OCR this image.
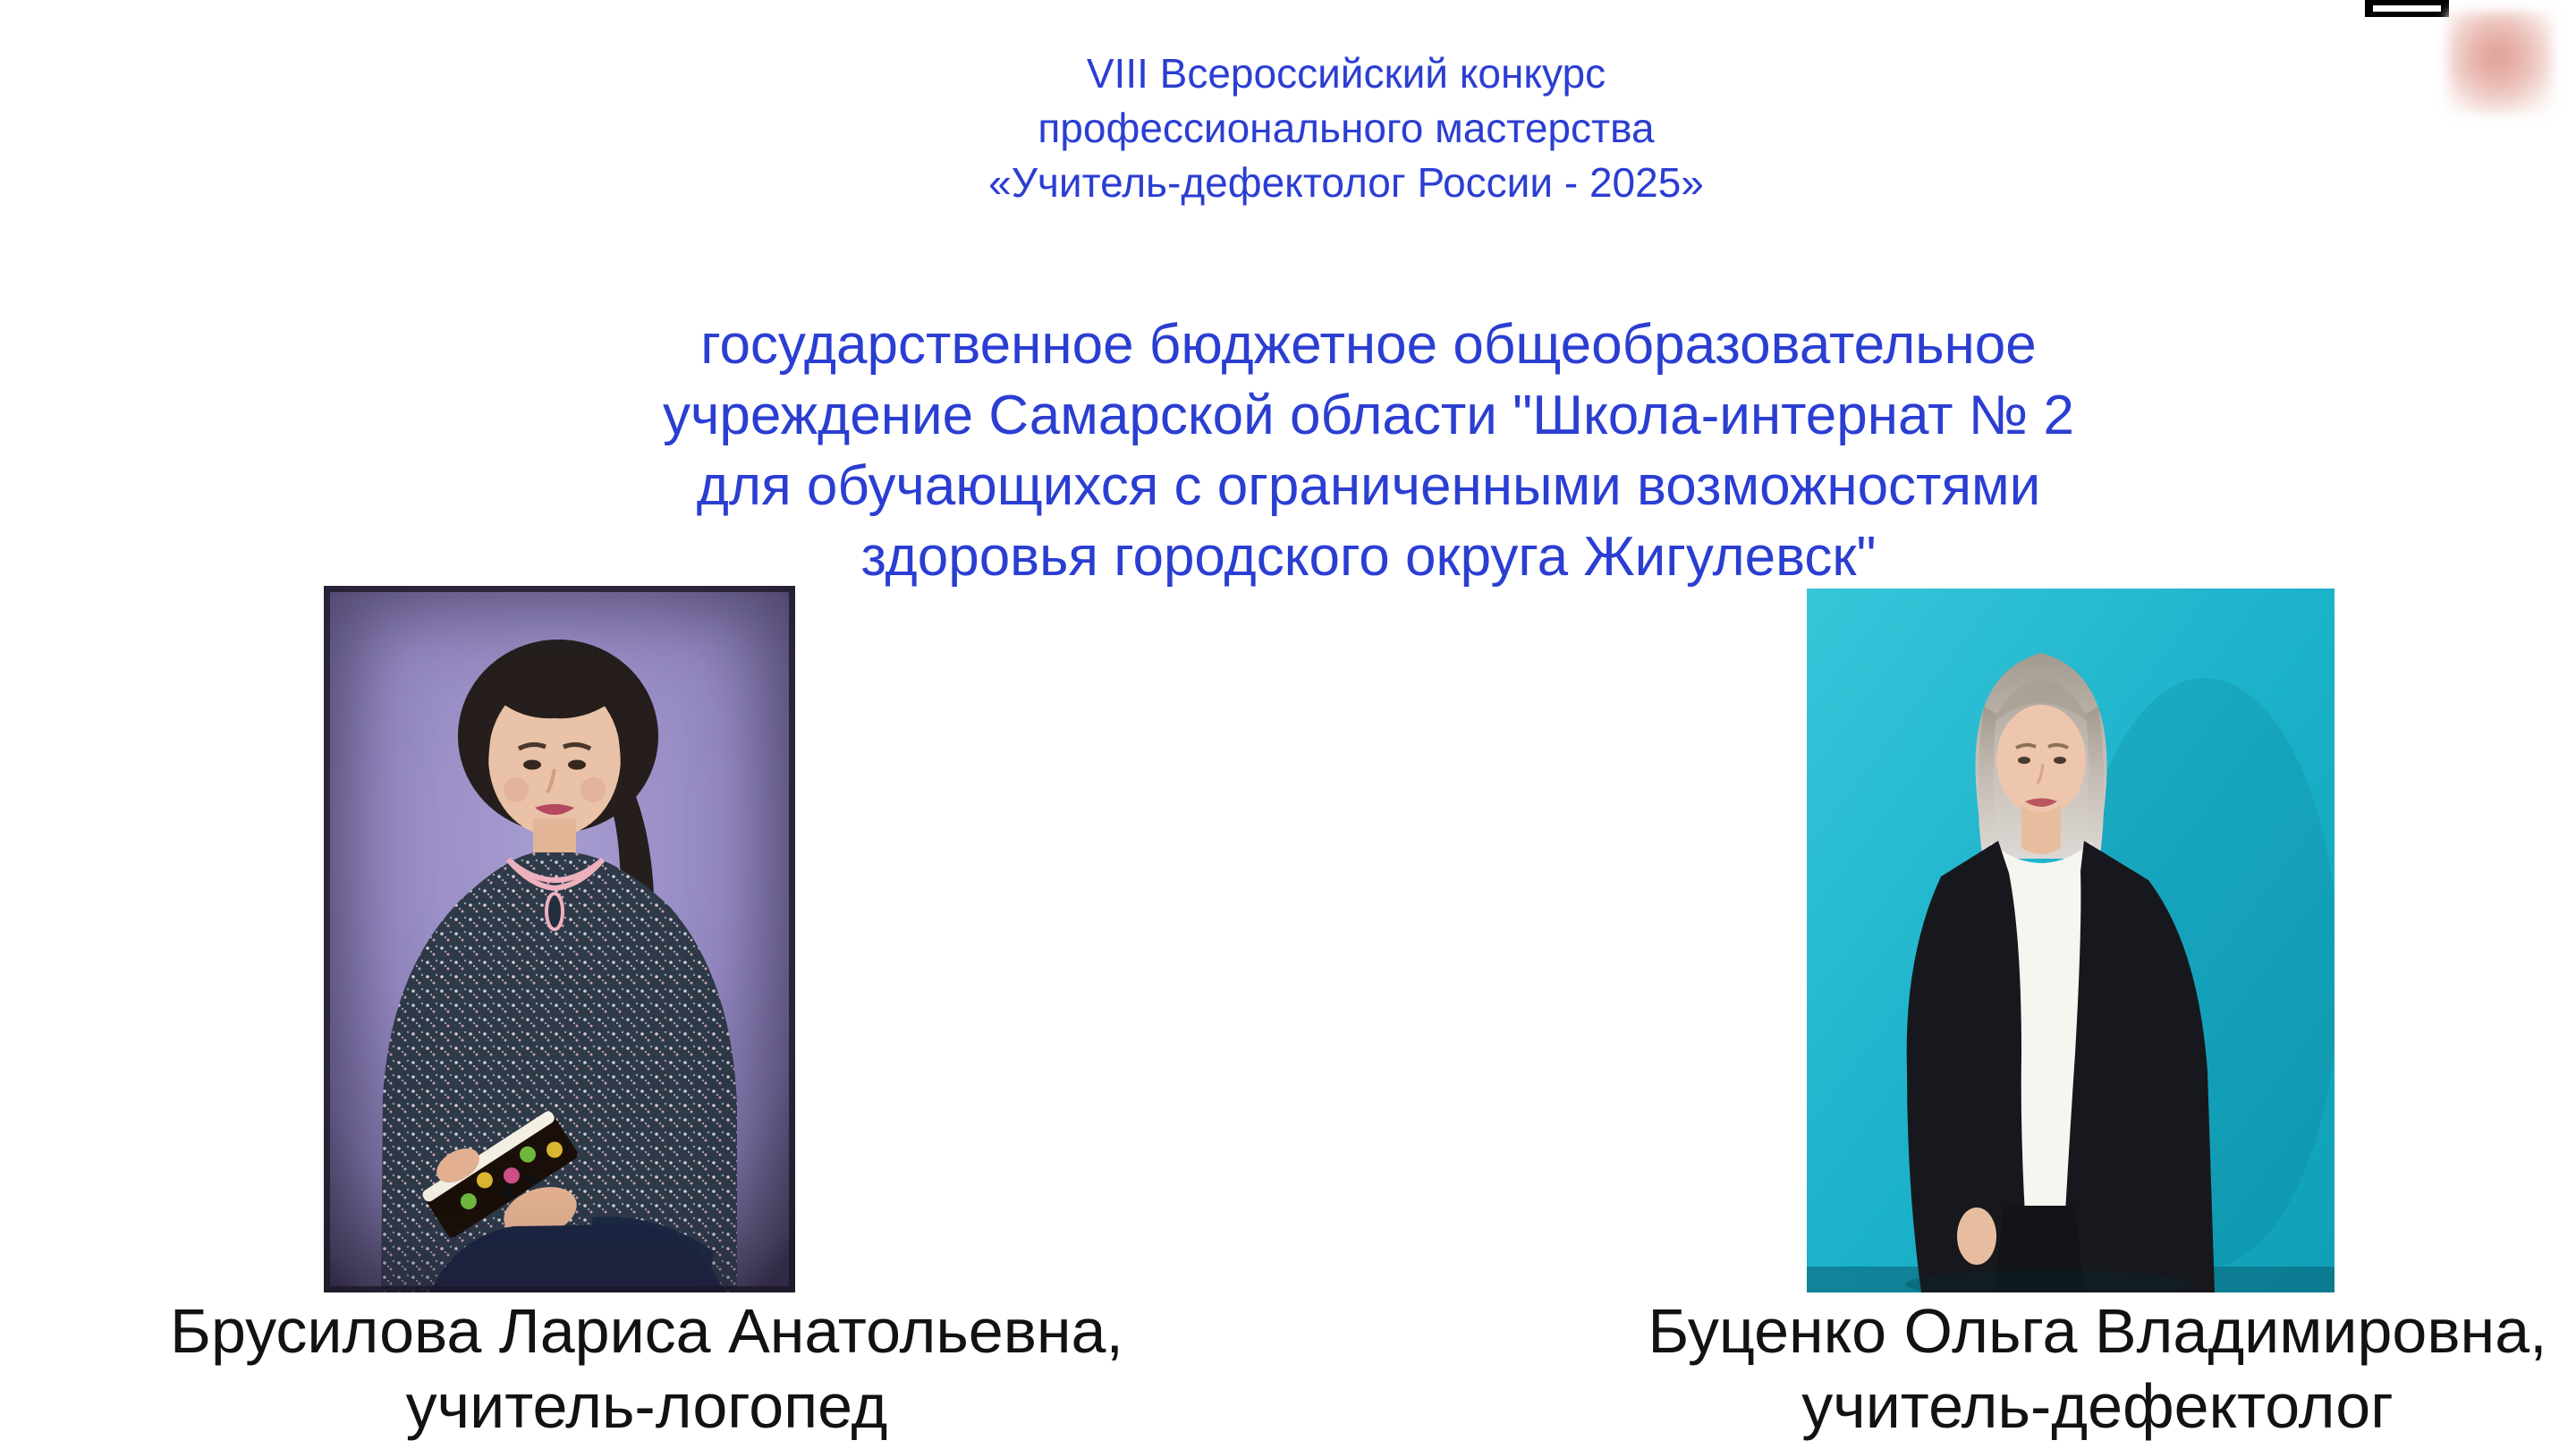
VIII Всероссийский конкурс
профессионального мастерства
«Учитель-дефектолог России - 2025»
государственное бюджетное общеобразовательное
учреждение Самарской области "Школа-интернат № 2
для обучающихся с ограниченными возможностями
здоровья городского округа Жигулевск"
Брусилова Лариса Анатольевна,
учитель-логопед
Буценко Ольга Владимировна,
учитель-дефектолог
